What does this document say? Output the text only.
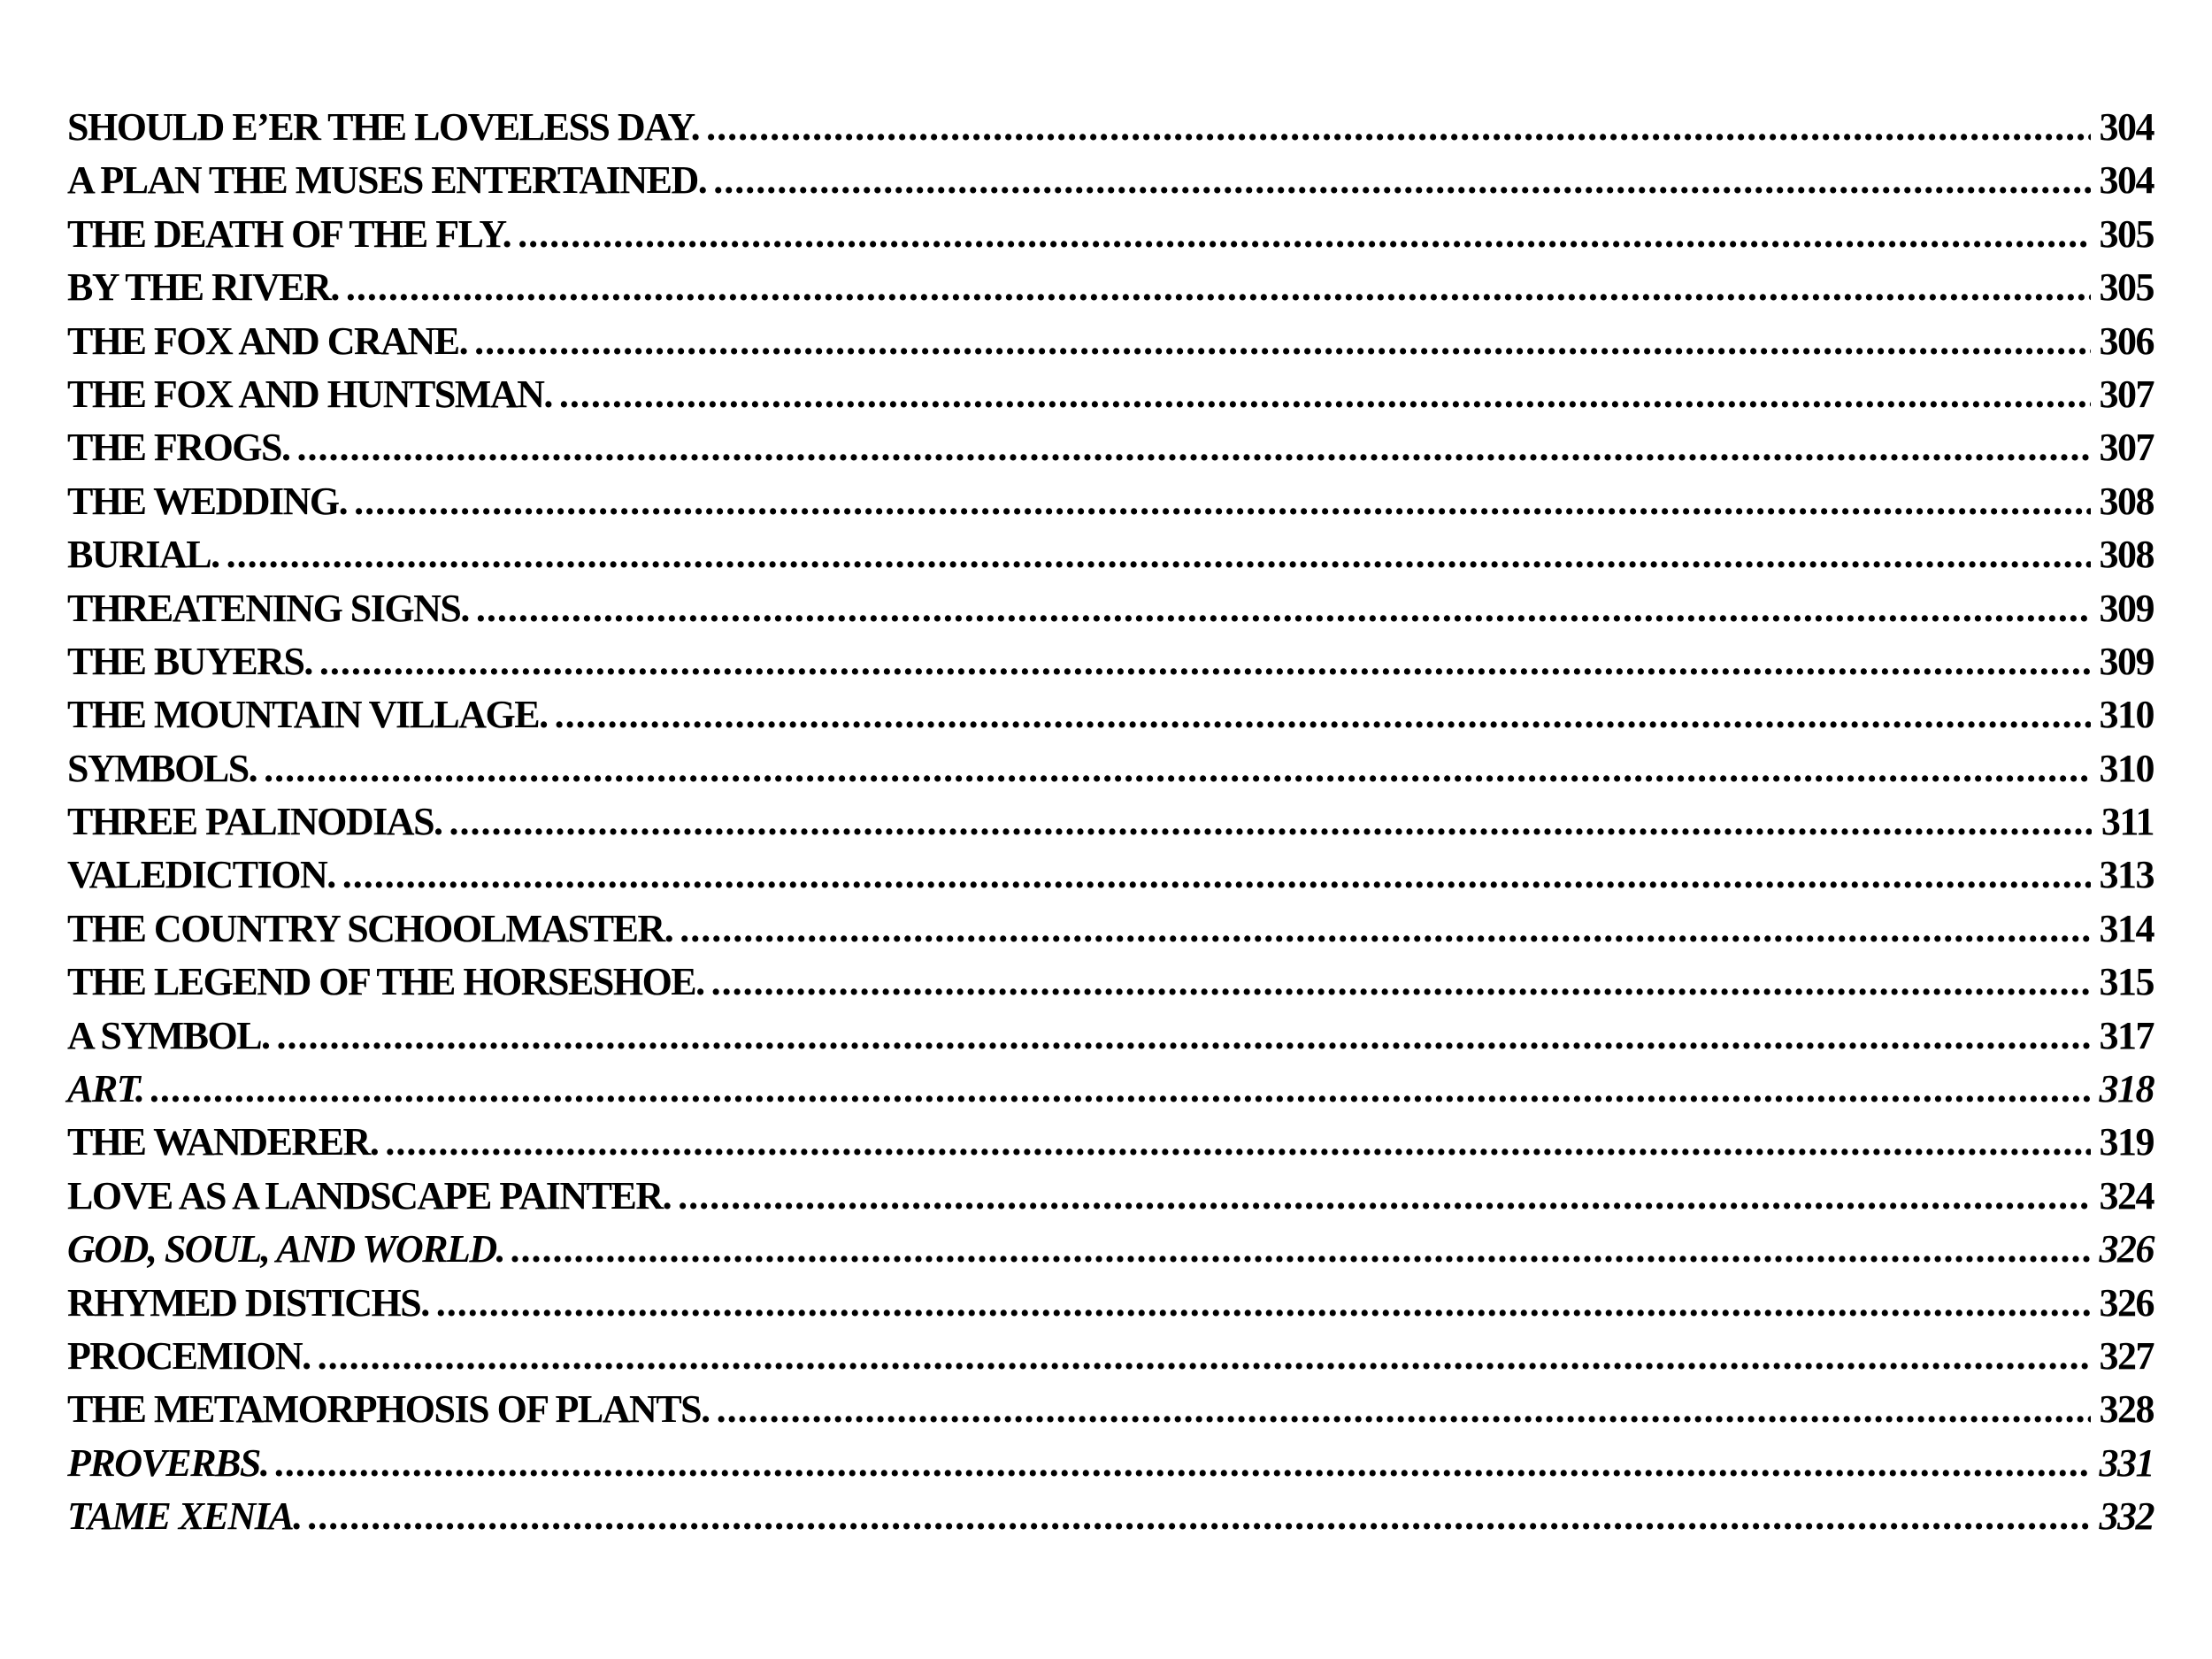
SHOULD E’ER THE LOVELESS DAY. .....	304
A PLAN THE MUSES ENTERTAINED. .....	304
THE DEATH OF THE FLY. .....	305
BY THE RIVER. .....	305
THE FOX AND CRANE. .....	306
THE FOX AND HUNTSMAN. .....	307
THE FROGS. .....	307
THE WEDDING. .....	308
BURIAL. .....	308
THREATENING SIGNS. .....	309
THE BUYERS. .....	309
THE MOUNTAIN VILLAGE. .....	310
SYMBOLS. .....	310
THREE PALINODIAS. .....	311
VALEDICTION. .....	313
THE COUNTRY SCHOOLMASTER. .....	314
THE LEGEND OF THE HORSESHOE. .....	315
A SYMBOL. .....	317
ART. .....	318
THE WANDERER. .....	319
LOVE AS A LANDSCAPE PAINTER. .....	324
GOD, SOUL, AND WORLD. .....	326
RHYMED DISTICHS. .....	326
PROCEMION. .....	327
THE METAMORPHOSIS OF PLANTS. .....	328
PROVERBS. .....	331
TAME XENIA. .....	332
